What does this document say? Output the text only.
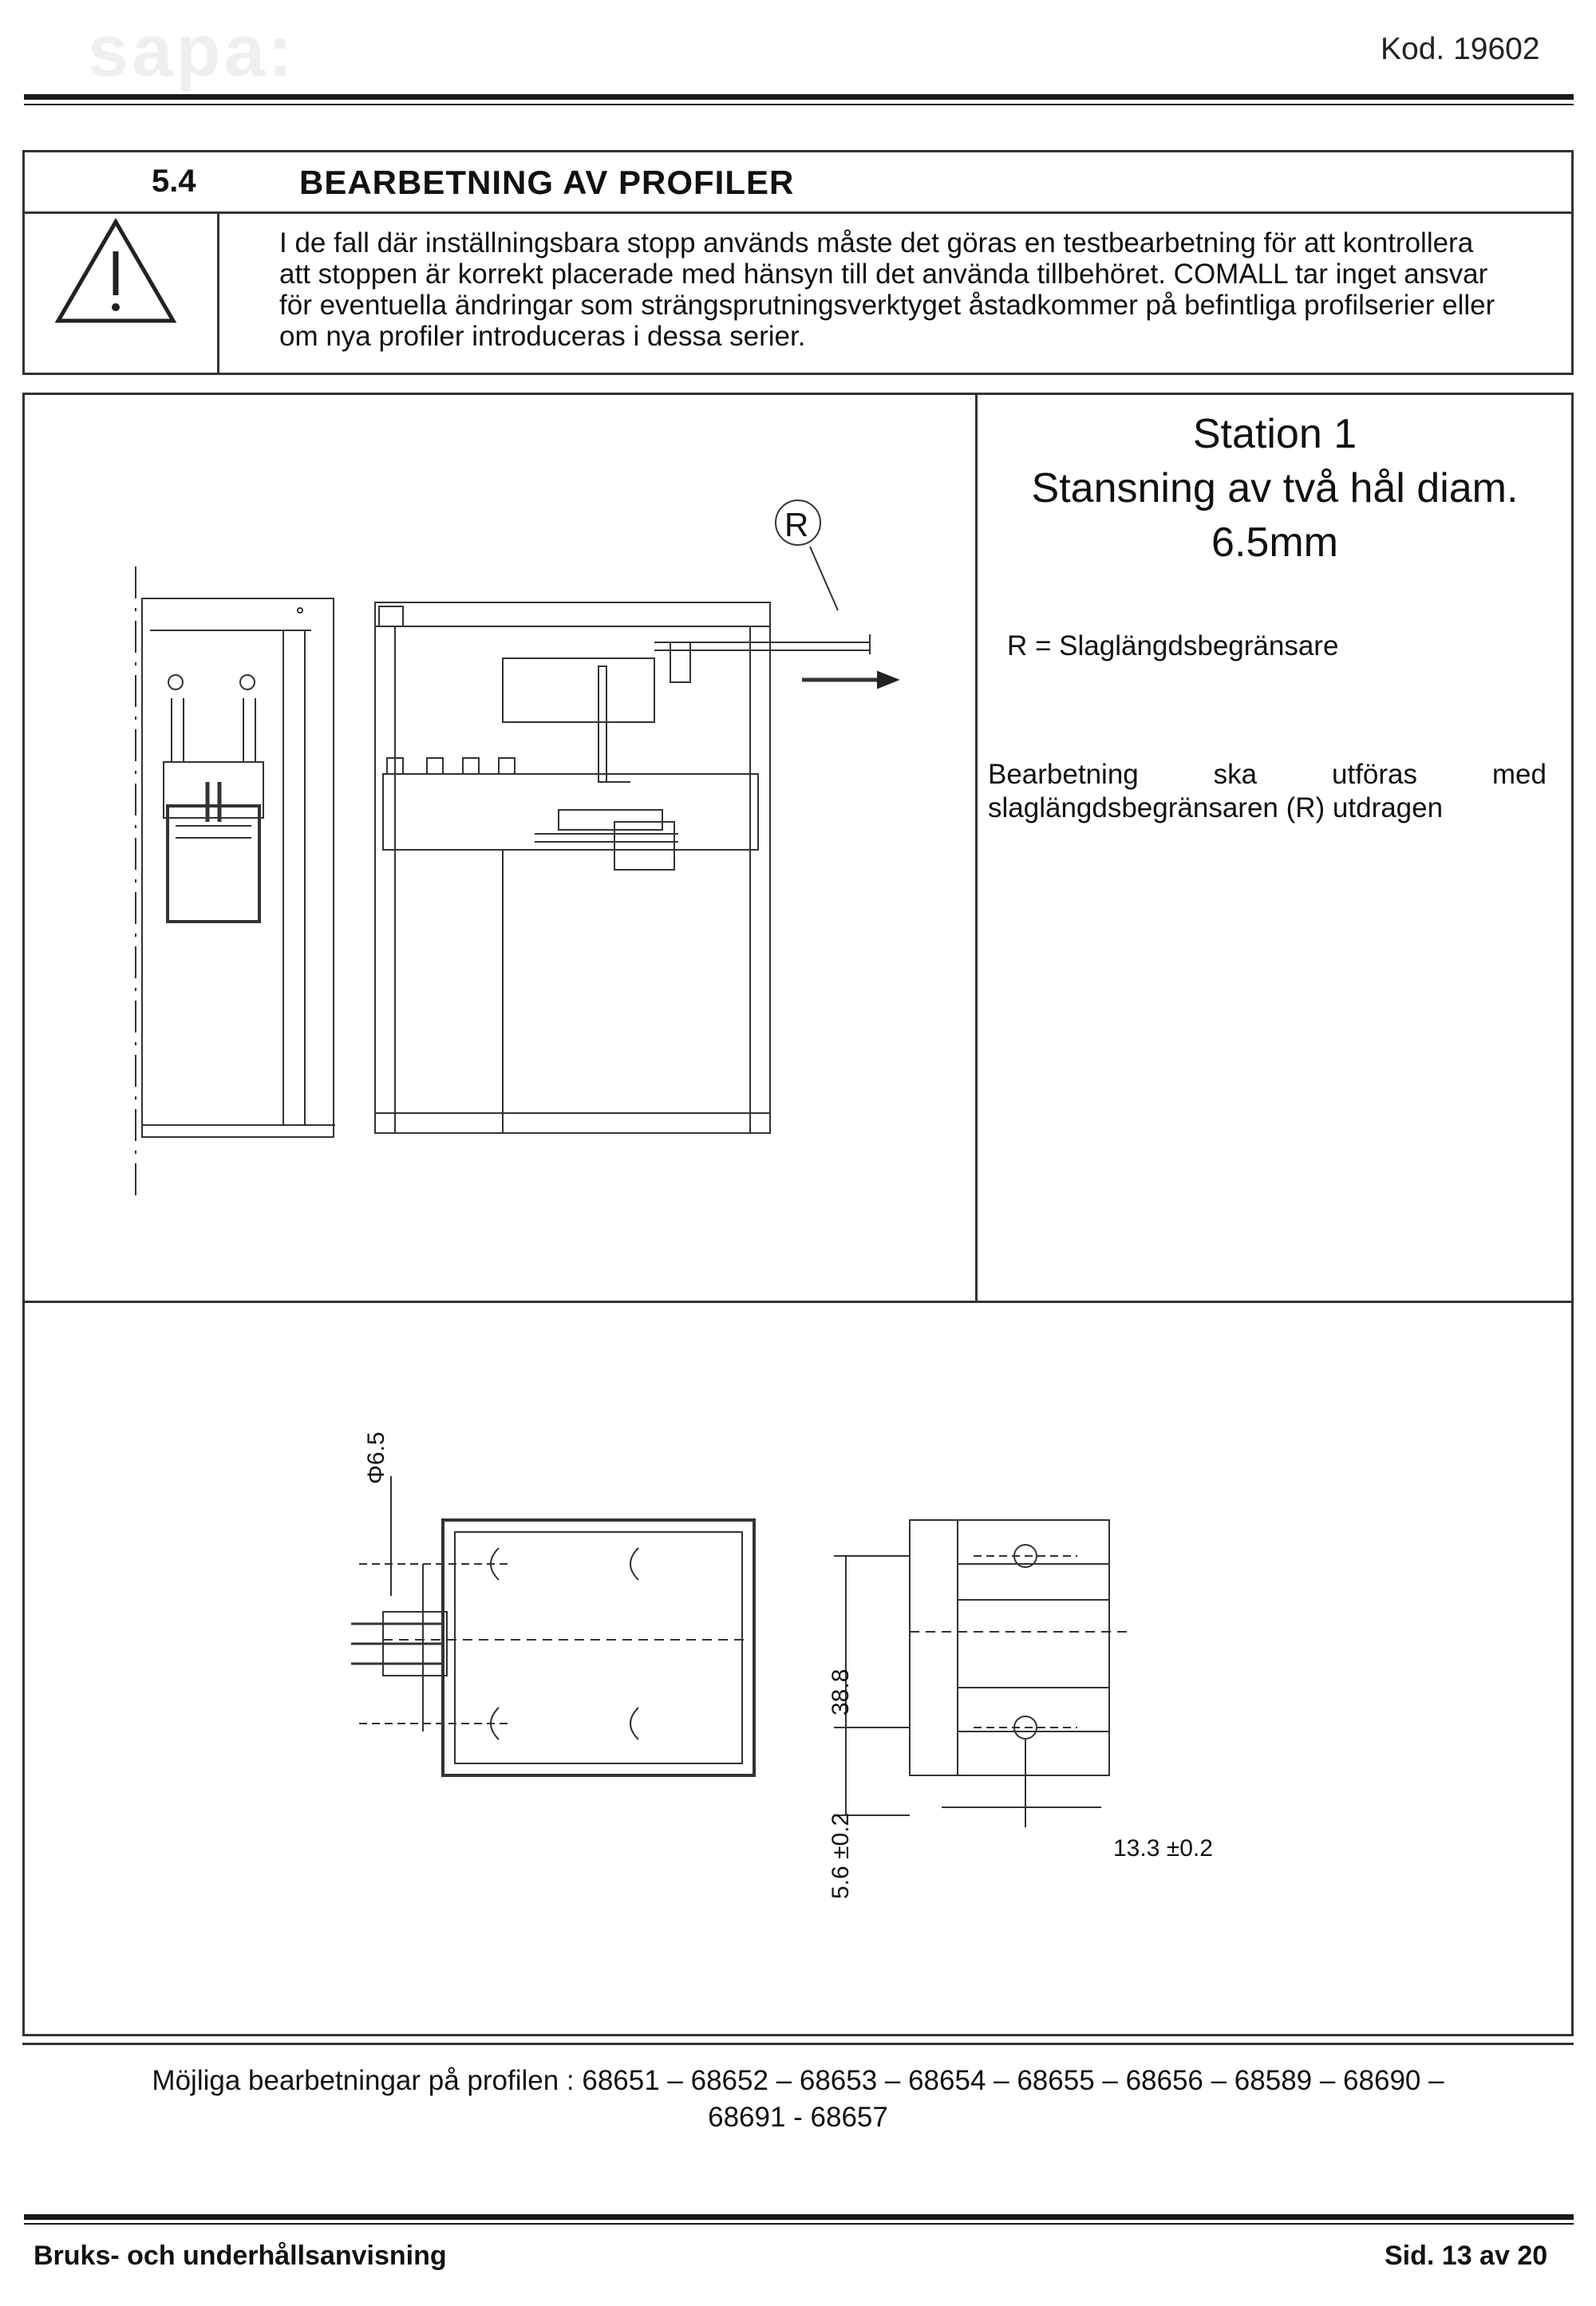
sapa:	Kod. 19602
5.4	BEARBETNING AV PROFILER
I de fall där inställningsbara stopp används måste det göras en testbearbetning för att kontrollera att stoppen är korrekt placerade med hänsyn till det använda tillbehöret. COMALL tar inget ansvar för eventuella ändringar som strängsprutningsverktyget åstadkommer på befintliga profilserier eller om nya profiler introduceras i dessa serier.
Station 1
Stansning av två hål diam.
6.5mm
R = Slaglängdsbegränsare
Bearbetning	ska	utföras	med
slaglängdsbegränsaren (R) utdragen
R
Φ6.5
38.8
5.6 ±0.2	13.3 ±0.2
Möjliga bearbetningar på profilen : 68651 – 68652 – 68653 – 68654 – 68655 – 68656 – 68589 – 68690 –
68691 - 68657
Bruks- och underhållsanvisning	Sid. 13 av 20
